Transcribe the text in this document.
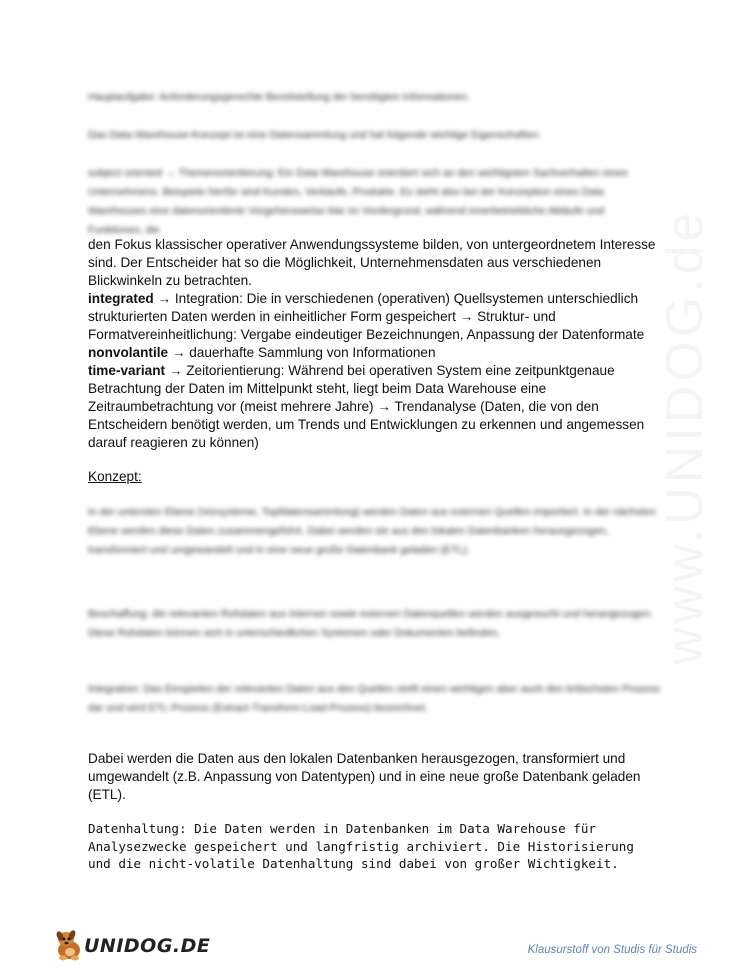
Hauptaufgabe: Anforderungsgerechte Bereitstellung der benötigten Informationen.
Das Data-Warehouse-Konzept ist eine Datensammlung und hat folgende wichtige Eigenschaften:
subject oriented → Themenorientierung: Ein Data Warehouse orientiert sich an den wichtigsten Sachverhalten eines Unternehmens. Beispiele hierfür sind Kunden, Verkäufe, Produkte. Es steht also bei der Konzeption eines Data Warehouses eine datenorientierte Vorgehensweise klar im Vordergrund, während innerbetriebliche Abläufe und Funktionen, die
den Fokus klassischer operativer Anwendungssysteme bilden, von untergeordnetem Interesse
sind. Der Entscheider hat so die Möglichkeit, Unternehmensdaten aus verschiedenen Blickwinkeln zu betrachten.
integrated → Integration: Die in verschiedenen (operativen) Quellsystemen unterschiedlich strukturierten Daten werden in einheitlicher Form gespeichert → Struktur- und Formatvereinheitlichung: Vergabe eindeutiger Bezeichnungen, Anpassung der Datenformate
nonvolantile → dauerhafte Sammlung von Informationen
time-variant → Zeitorientierung: Während bei operativen System eine zeitpunktgenaue Betrachtung der Daten im Mittelpunkt steht, liegt beim Data Warehouse eine Zeitraumbetrachtung vor (meist mehrere Jahre) → Trendanalyse (Daten, die von den Entscheidern benötigt werden, um Trends und Entwicklungen zu erkennen und angemessen darauf reagieren zu können)
Konzept:
In der untersten Ebene (Vorsysteme, Topfdatensammlung) werden Daten aus externen Quellen importiert. In der nächsten Ebene werden diese Daten zusammengeführt. Dabei werden sie aus den lokalen Datenbanken herausgezogen, transformiert und umgewandelt und in eine neue große Datenbank geladen (ETL).
Beschaffung: die relevanten Rohdaten aus internen sowie externen Datenquellen werden ausgesucht und herangezogen. Diese Rohdaten können sich in unterschiedlichen Systemen oder Dokumenten befinden.
Integration: Das Einspielen der relevanten Daten aus den Quellen stellt einen wichtigen aber auch den kritischsten Prozess dar und wird ETL-Prozess (Extract-Transform-Load-Prozess) bezeichnet.
Dabei werden die Daten aus den lokalen Datenbanken herausgezogen, transformiert und umgewandelt (z.B. Anpassung von Datentypen) und in eine neue große Datenbank geladen (ETL).
Datenhaltung: Die Daten werden in Datenbanken im Data Warehouse für Analysezwecke gespeichert und langfristig archiviert. Die Historisierung und die nicht-volatile Datenhaltung sind dabei von großer Wichtigkeit.
UNIDOG.DE	Klausurstoff von Studis für Studis
